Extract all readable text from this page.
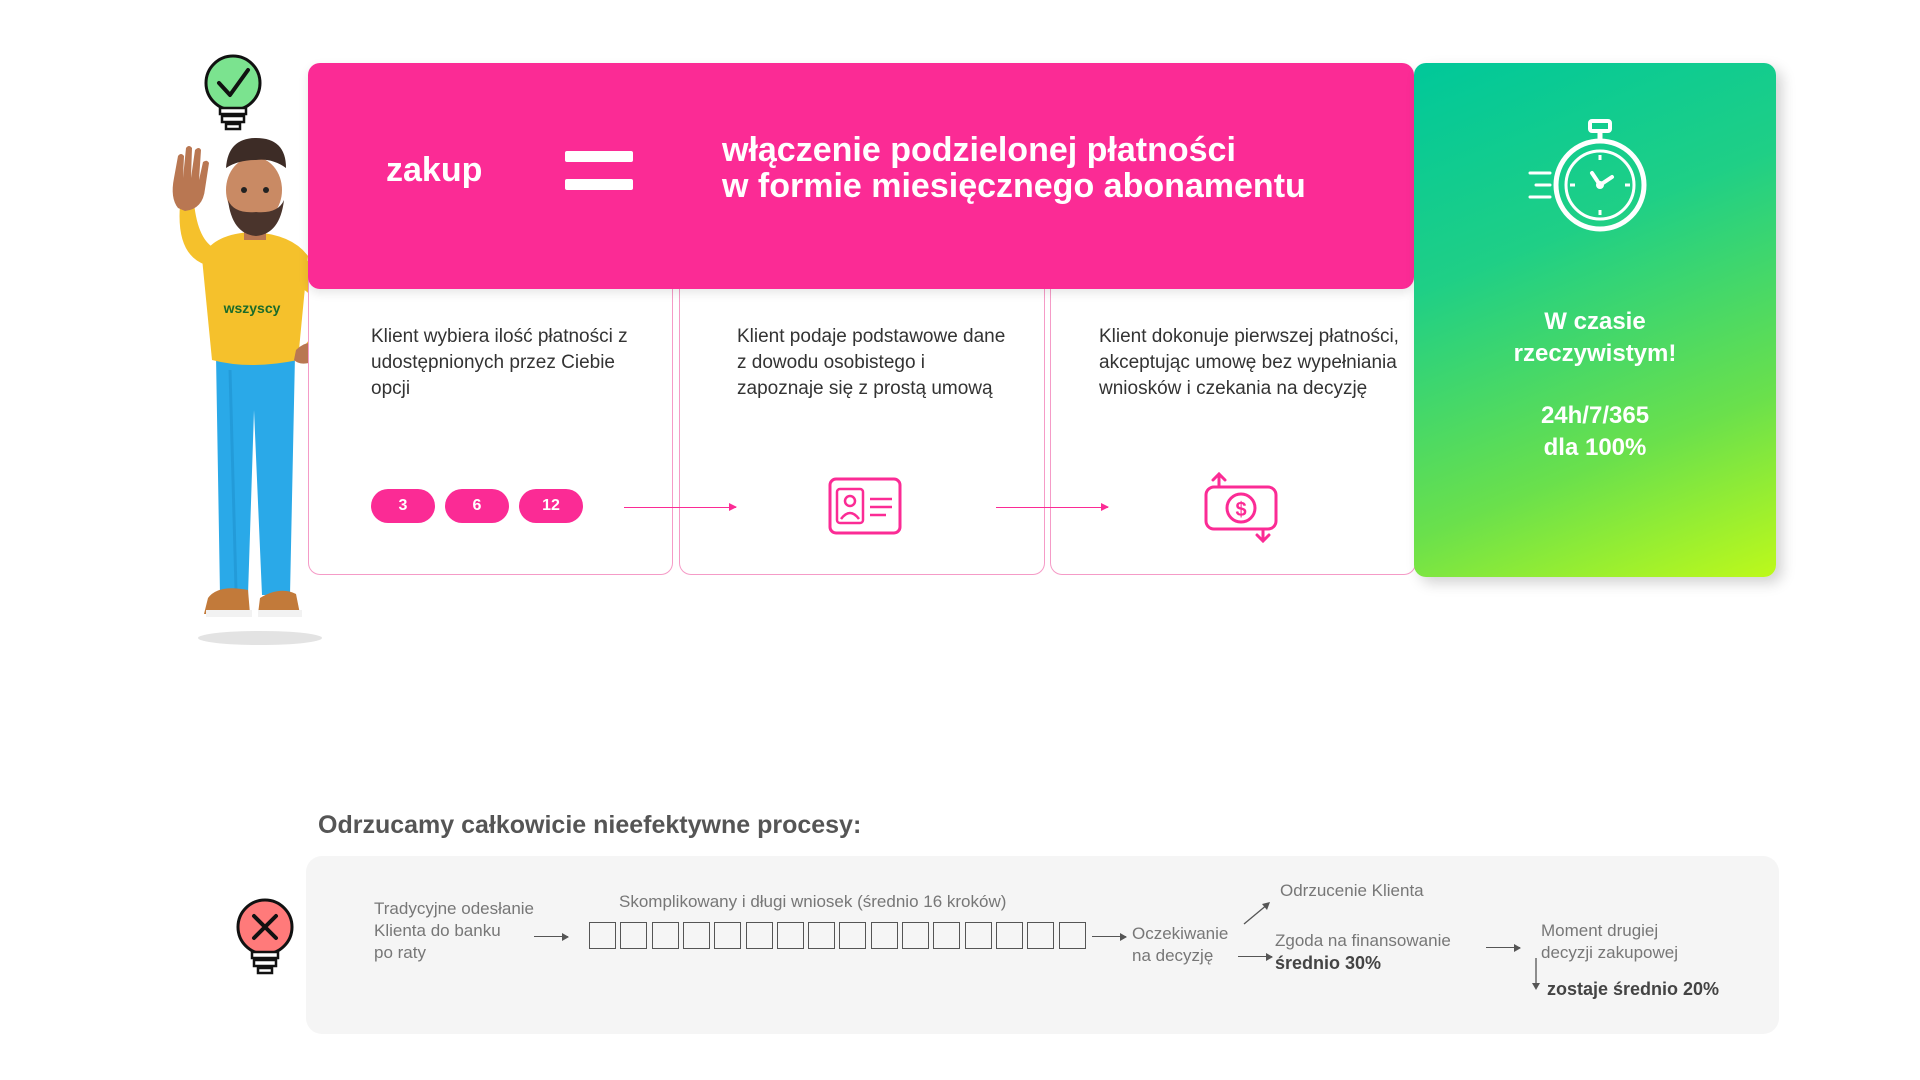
wszyscy
Klient wybiera ilość płatności z udostępnionych przez Ciebie opcji
3	6	12
Klient podaje podstawowe dane z dowodu osobistego i zapoznaje się z prostą umową
Klient dokonuje pierwszej płatności, akceptując umowę bez wypełniania wniosków i czekania na decyzję
$
zakup
włączenie podzielonej płatności
w formie miesięcznego abonamentu
W czasie
rzeczywistym!
24h/7/365
dla 100%
Odrzucamy całkowicie nieefektywne procesy:
Tradycyjne odesłanie
Klienta do banku
po raty
Skomplikowany i długi wniosek (średnio 16 kroków)
Oczekiwanie
na decyzję
Odrzucenie Klienta
Zgoda na finansowanie
średnio 30%
Moment drugiej
decyzji zakupowej
zostaje średnio 20%
